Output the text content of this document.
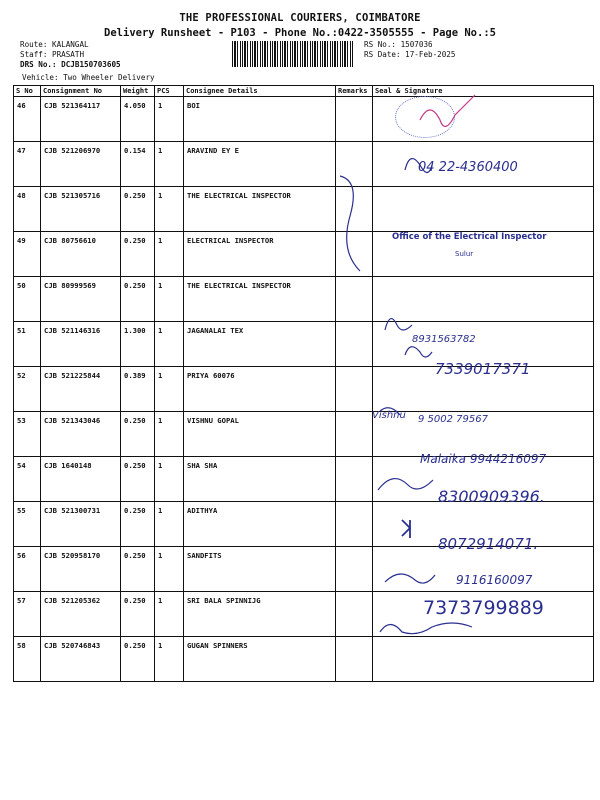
THE PROFESSIONAL COURIERS, COIMBATORE
Delivery Runsheet - P103 - Phone No.:0422-3505555 - Page No.:5
Route: KALANGAL
Staff: PRASATH
DRS No.: DCJB150703605
Vehicle: Two Wheeler Delivery
RS No.: 1507036
RS Date: 17-Feb-2025
S No	Consignment No	Weight	PCS	Consignee Details	Remarks	Seal & Signature
46	CJB 521364117	4.050	1	BOI		
47	CJB 521206970	0.154	1	ARAVIND EY E		
48	CJB 521305716	0.250	1	THE ELECTRICAL INSPECTOR		
49	CJB 80756610	0.250	1	ELECTRICAL INSPECTOR		
50	CJB 80999569	0.250	1	THE ELECTRICAL INSPECTOR		
51	CJB 521146316	1.300	1	JAGANALAI TEX		
52	CJB 521225844	0.389	1	PRIYA 60076		
53	CJB 521343046	0.250	1	VISHNU GOPAL		
54	CJB 1640148	0.250	1	SHA SHA		
55	CJB 521300731	0.250	1	ADITHYA		
56	CJB 520958170	0.250	1	SANDFITS		
57	CJB 521205362	0.250	1	SRI BALA SPINNIJG		
58	CJB 520746843	0.250	1	GUGAN SPINNERS		
04 22-4360400
Office of the Electrical Inspector
Sulur
8931563782
7339017371
Vishnu 9 5002 79567
Malaika 9944216097
8300909396.
8072914071.
9116160097
7373799889
